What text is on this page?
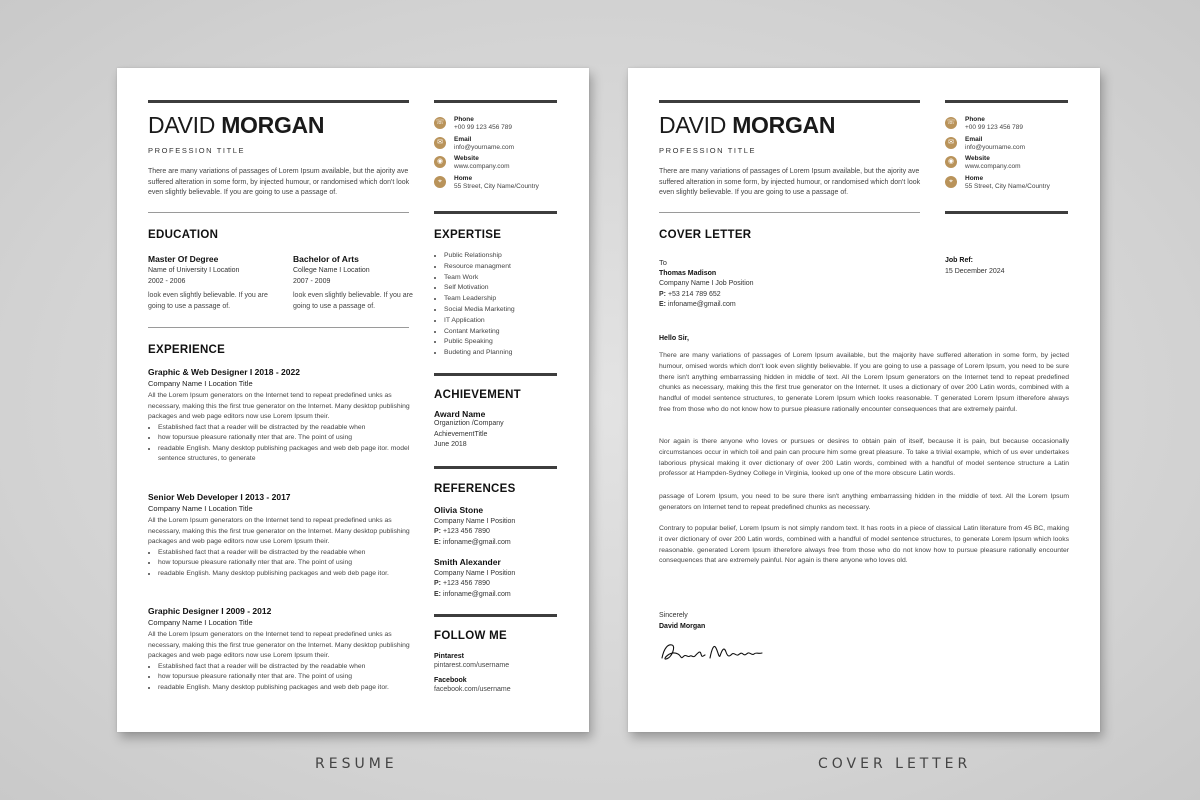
DAVID MORGAN
PROFESSION TITLE

There are many variations of passages of Lorem Ipsum available, but the ajority ave suffered alteration in some form, by injected humour, or randomised which don't look even slightly believable. If you are going to use a passage of.

☏ Phone
+00 99 123 456 789
✉	Email
info@yourname.com
◉	Website
www.company.com
⌖	Home
55 Street, City Name/Country
EDUCATION
Master Of Degree
Name of University I Location
2002 - 2006
look even slightly believable. If you are going to use a passage of.
Bachelor of Arts
College Name I Location
2007 - 2009
look even slightly believable. If you are going to use a passage of.
EXPERIENCE
Graphic & Web Designer I 2018 - 2022
Company Name I Location Title
All the Lorem Ipsum generators on the Internet tend to repeat predefined unks as necessary, making this the first true generator on the Internet. Many desktop publishing packages and web page editors now use Lorem Ipsum their.
• Established fact that a reader will be distracted by the readable when
• how topursue pleasure rationally nter that are. The point of using
• readable English. Many desktop publishing packages and web deb page itor. model sentence structures, to generate
Senior Web Developer I 2013 - 2017
Company Name I Location Title
All the Lorem Ipsum generators on the Internet tend to repeat predefined unks as necessary, making this the first true generator on the Internet. Many desktop publishing packages and web page editors now use Lorem Ipsum their.
• Established fact that a reader will be distracted by the readable when
• how topursue pleasure rationally nter that are. The point of using
• readable English. Many desktop publishing packages and web deb page itor.
Graphic Designer I 2009 - 2012
Company Name I Location Title
All the Lorem Ipsum generators on the Internet tend to repeat predefined unks as necessary, making this the first true generator on the Internet. Many desktop publishing packages and web page editors now use Lorem Ipsum their.
• Established fact that a reader will be distracted by the readable when
• how topursue pleasure rationally nter that are. The point of using
• readable English. Many desktop publishing packages and web deb page itor.
EXPERTISE
• Public Relationship
• Resource managment
• Team Work
• Self Motivation
• Team Leadership
• Social Media Marketing
• IT Application
• Contant Marketing
• Public Speaking
• Budeting and Planning
ACHIEVEMENT
Award Name
Organiztion /Company
AchievementTitle
June 2018
REFERENCES
Olivia Stone
Company Name I Position
P: +123 456 7890
E: infoname@gmail.com
Smith Alexander
Company Name I Position
P: +123 456 7890
E: infoname@gmail.com
FOLLOW ME
Pintarest
pintarest.com/username
Facebook
facebook.com/username
DAVID MORGAN
PROFESSION TITLE

There are many variations of passages of Lorem Ipsum available, but the ajority ave suffered alteration in some form, by injected humour, or randomised which don't look even slightly believable. If you are going to use a passage of.

☏ Phone
+00 99 123 456 789
✉	Email
info@yourname.com
◉	Website
www.company.com
⌖	Home
55 Street, City Name/Country
COVER LETTER
To
Thomas Madison
Company Name I Job Position
P: +53 214 789 652
E: infoname@gmail.com
Job Ref:
15 December 2024
Hello Sir,

There are many variations of passages of Lorem Ipsum available, but the majority have suffered alteration in some form, by jected humour, omised words which don't look even slightly believable. If you are going to use a passage of Lorem Ipsum, you need to be sure there isn't anything embarrassing hidden in middle of text. All the Lorem Ipsum generators on the Internet tend to repeat predefined chunks as necessary, making this the first true generator on the Internet. It uses a dictionary of over 200 Latin words, combined with a handful of model sentence structures, to generate Lorem Ipsum which looks reasonable. T generated Lorem Ipsum itherefore always free from those who do not know how to pursue pleasure rationally encounter consequences that are extremely painful.

Nor again is there anyone who loves or pursues or desires to obtain pain of itself, because it is pain, but because occasionally circumstances occur in which toil and pain can procure him some great pleasure. To take a trivial example, which of us ever undertakes laborious physical making it over dictionary of over 200 Latin words, combined with a handful of model sentence structure a Latin professor at Hampden-Sydney College in Virginia, looked up one of the more obscure Latin words.

passage of Lorem Ipsum, you need to be sure there isn't anything embarrassing hidden in the middle of text. All the Lorem Ipsum generators on Internet tend to repeat predefined chunks as necessary.

Contrary to popular belief, Lorem Ipsum is not simply random text. It has roots in a piece of classical Latin literature from 45 BC, making it over dictionary of over 200 Latin words, combined with a handful of model sentence structures, to generate Lorem Ipsum which looks reasonable. generated Lorem Ipsum itherefore always free from those who do not know how to pursue pleasure rationally encounter consequences that are extremely painful. Nor again is there anyone who loves old.

Sincerely
David Morgan
RESUME	COVER LETTER
